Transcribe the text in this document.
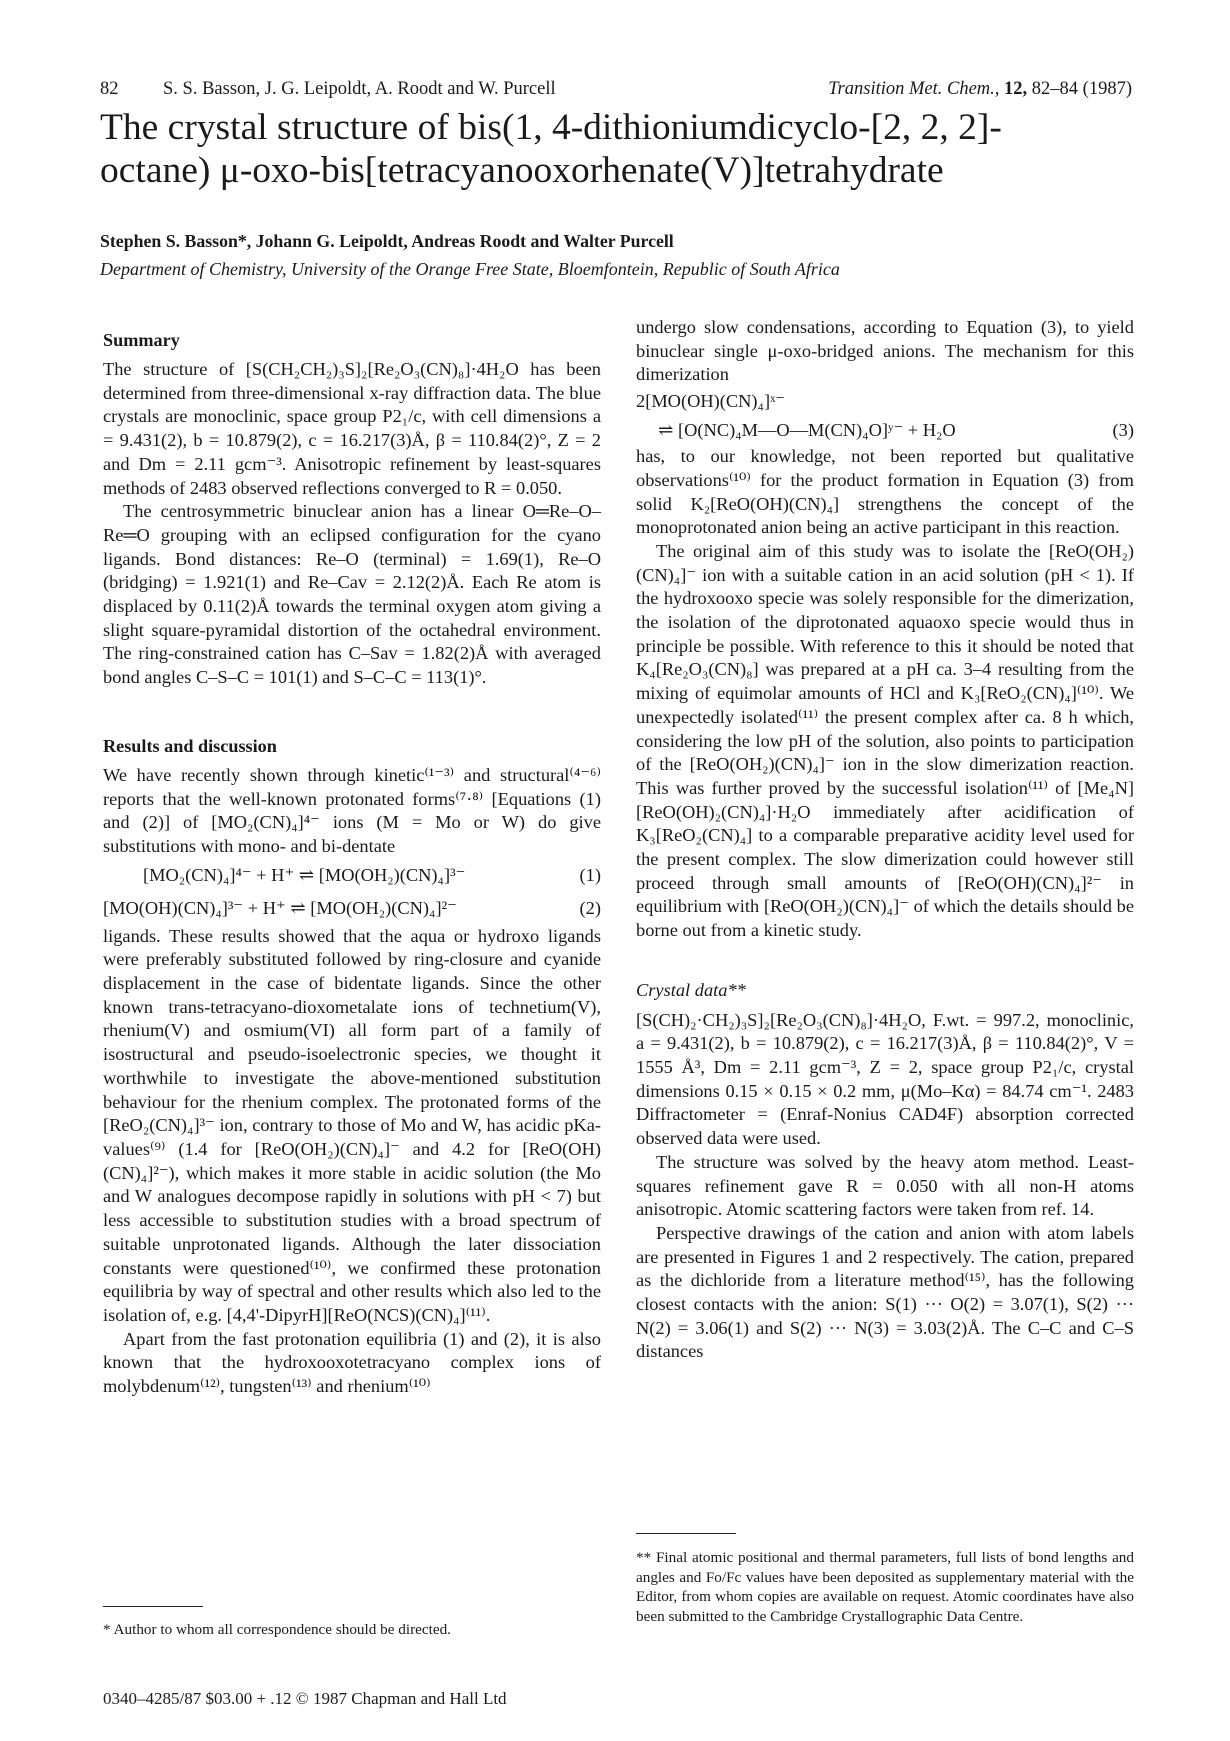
82 S. S. Basson, J. G. Leipoldt, A. Roodt and W. Purcell	Transition Met. Chem., 12, 82–84 (1987)
The crystal structure of bis(1, 4-dithioniumdicyclo-[2, 2, 2]-
octane) μ-oxo-bis[tetracyanooxorhenate(V)]tetrahydrate
Stephen S. Basson*, Johann G. Leipoldt, Andreas Roodt and Walter Purcell
Department of Chemistry, University of the Orange Free State, Bloemfontein, Republic of South Africa
Summary

The structure of [S(CH₂CH₂)₃S]₂[Re₂O₃(CN)₈]·4H₂O has been determined from three-dimensional x-ray diffraction data. The blue crystals are monoclinic, space group P2₁/c, with cell dimensions a = 9.431(2), b = 10.879(2), c = 16.217(3)Å, β = 110.84(2)°, Z = 2 and Dm = 2.11 gcm⁻³. Anisotropic refinement by least-squares methods of 2483 observed reflections converged to R = 0.050.

The centrosymmetric binuclear anion has a linear O═Re–O–Re═O grouping with an eclipsed configuration for the cyano ligands. Bond distances: Re–O (terminal) = 1.69(1), Re–O (bridging) = 1.921(1) and Re–Cav = 2.12(2)Å. Each Re atom is displaced by 0.11(2)Å towards the terminal oxygen atom giving a slight square-pyramidal distortion of the octahedral environment. The ring-constrained cation has C–Sav = 1.82(2)Å with averaged bond angles C–S–C = 101(1) and S–C–C = 113(1)°.

Results and discussion

We have recently shown through kinetic⁽¹⁻³⁾ and structural⁽⁴⁻⁶⁾ reports that the well-known protonated forms⁽⁷·⁸⁾ [Equations (1) and (2)] of [MO₂(CN)₄]⁴⁻ ions (M = Mo or W) do give substitutions with mono- and bi-dentate

[MO₂(CN)₄]⁴⁻ + H⁺ ⇌ [MO(OH₂)(CN)₄]³⁻	(1)
[MO(OH)(CN)₄]³⁻ + H⁺ ⇌ [MO(OH₂)(CN)₄]²⁻	(2)

ligands. These results showed that the aqua or hydroxo ligands were preferably substituted followed by ring-closure and cyanide displacement in the case of bidentate ligands. Since the other known trans-tetracyano-dioxometalate ions of technetium(V), rhenium(V) and osmium(VI) all form part of a family of isostructural and pseudo-isoelectronic species, we thought it worthwhile to investigate the above-mentioned substitution behaviour for the rhenium complex. The protonated forms of the [ReO₂(CN)₄]³⁻ ion, contrary to those of Mo and W, has acidic pKa-values⁽⁹⁾ (1.4 for [ReO(OH₂)(CN)₄]⁻ and 4.2 for [ReO(OH)(CN)₄]²⁻), which makes it more stable in acidic solution (the Mo and W analogues decompose rapidly in solutions with pH < 7) but less accessible to substitution studies with a broad spectrum of suitable unprotonated ligands. Although the later dissociation constants were questioned⁽¹⁰⁾, we confirmed these protonation equilibria by way of spectral and other results which also led to the isolation of, e.g. [4,4'-DipyrH][ReO(NCS)(CN)₄]⁽¹¹⁾.

Apart from the fast protonation equilibria (1) and (2), it is also known that the hydroxooxotetracyano complex ions of molybdenum⁽¹²⁾, tungsten⁽¹³⁾ and rhenium⁽¹⁰⁾

undergo slow condensations, according to Equation (3), to yield binuclear single μ-oxo-bridged anions. The mechanism for this dimerization

2[MO(OH)(CN)₄]ˣ⁻
⇌ [O(NC)₄M—O—M(CN)₄O]ʸ⁻ + H₂O	(3)

has, to our knowledge, not been reported but qualitative observations⁽¹⁰⁾ for the product formation in Equation (3) from solid K₂[ReO(OH)(CN)₄] strengthens the concept of the monoprotonated anion being an active participant in this reaction.

The original aim of this study was to isolate the [ReO(OH₂)(CN)₄]⁻ ion with a suitable cation in an acid solution (pH < 1). If the hydroxooxo specie was solely responsible for the dimerization, the isolation of the diprotonated aquaoxo specie would thus in principle be possible. With reference to this it should be noted that K₄[Re₂O₃(CN)₈] was prepared at a pH ca. 3–4 resulting from the mixing of equimolar amounts of HCl and K₃[ReO₂(CN)₄]⁽¹⁰⁾. We unexpectedly isolated⁽¹¹⁾ the present complex after ca. 8 h which, considering the low pH of the solution, also points to participation of the [ReO(OH₂)(CN)₄]⁻ ion in the slow dimerization reaction. This was further proved by the successful isolation⁽¹¹⁾ of [Me₄N][ReO(OH)₂(CN)₄]·H₂O immediately after acidification of K₃[ReO₂(CN)₄] to a comparable preparative acidity level used for the present complex. The slow dimerization could however still proceed through small amounts of [ReO(OH)(CN)₄]²⁻ in equilibrium with [ReO(OH₂)(CN)₄]⁻ of which the details should be borne out from a kinetic study.

Crystal data**

[S(CH)₂·CH₂)₃S]₂[Re₂O₃(CN)₈]·4H₂O, F.wt. = 997.2, monoclinic, a = 9.431(2), b = 10.879(2), c = 16.217(3)Å, β = 110.84(2)°, V = 1555 Å³, Dm = 2.11 gcm⁻³, Z = 2, space group P2₁/c, crystal dimensions 0.15 × 0.15 × 0.2 mm, μ(Mo–Kα) = 84.74 cm⁻¹. 2483 Diffractometer = (Enraf-Nonius CAD4F) absorption corrected observed data were used.

The structure was solved by the heavy atom method. Least-squares refinement gave R = 0.050 with all non-H atoms anisotropic. Atomic scattering factors were taken from ref. 14.

Perspective drawings of the cation and anion with atom labels are presented in Figures 1 and 2 respectively. The cation, prepared as the dichloride from a literature method⁽¹⁵⁾, has the following closest contacts with the anion: S(1) ··· O(2) = 3.07(1), S(2) ··· N(2) = 3.06(1) and S(2) ··· N(3) = 3.03(2)Å. The C–C and C–S distances

** Final atomic positional and thermal parameters, full lists of bond lengths and angles and Fo/Fc values have been deposited as supplementary material with the Editor, from whom copies are available on request. Atomic coordinates have also been submitted to the Cambridge Crystallographic Data Centre.
* Author to whom all correspondence should be directed.
0340–4285/87 $03.00 + .12 © 1987 Chapman and Hall Ltd
